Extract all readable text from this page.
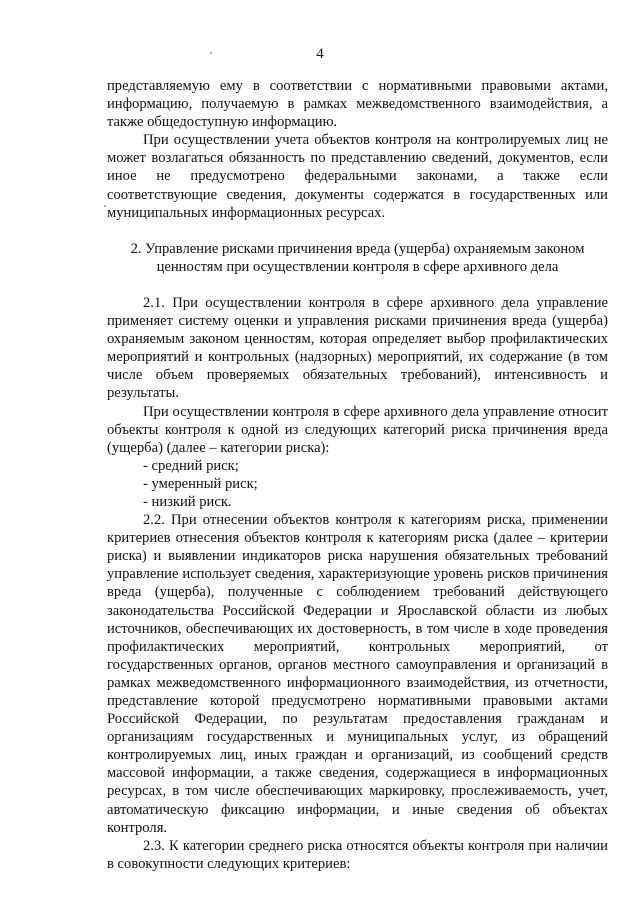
4

представляемую ему в соответствии с нормативными правовыми актами, информацию, получаемую в рамках межведомственного взаимодействия, а также общедоступную информацию.

При осуществлении учета объектов контроля на контролируемых лиц не может возлагаться обязанность по представлению сведений, документов, если иное не предусмотрено федеральными законами, а также если соответствующие сведения, документы содержатся в государственных или муниципальных информационных ресурсах.

2. Управление рисками причинения вреда (ущерба) охраняемым законом ценностям при осуществлении контроля в сфере архивного дела

2.1. При осуществлении контроля в сфере архивного дела управление применяет систему оценки и управления рисками причинения вреда (ущерба) охраняемым законом ценностям, которая определяет выбор профилактических мероприятий и контрольных (надзорных) мероприятий, их содержание (в том числе объем проверяемых обязательных требований), интенсивность и результаты.

При осуществлении контроля в сфере архивного дела управление относит объекты контроля к одной из следующих категорий риска причинения вреда (ущерба) (далее – категории риска):

- средний риск;

- умеренный риск;

- низкий риск.

2.2. При отнесении объектов контроля к категориям риска, применении критериев отнесения объектов контроля к категориям риска (далее – критерии риска) и выявлении индикаторов риска нарушения обязательных требований управление использует сведения, характеризующие уровень рисков причинения вреда (ущерба), полученные с соблюдением требований действующего законодательства Российской Федерации и Ярославской области из любых источников, обеспечивающих их достоверность, в том числе в ходе проведения профилактических мероприятий, контрольных мероприятий, от государственных органов, органов местного самоуправления и организаций в рамках межведомственного информационного взаимодействия, из отчетности, представление которой предусмотрено нормативными правовыми актами Российской Федерации, по результатам предоставления гражданам и организациям государственных и муниципальных услуг, из обращений контролируемых лиц, иных граждан и организаций, из сообщений средств массовой информации, а также сведения, содержащиеся в информационных ресурсах, в том числе обеспечивающих маркировку, прослеживаемость, учет, автоматическую фиксацию информации, и иные сведения об объектах контроля.

2.3. К категории среднего риска относятся объекты контроля при наличии в совокупности следующих критериев:
